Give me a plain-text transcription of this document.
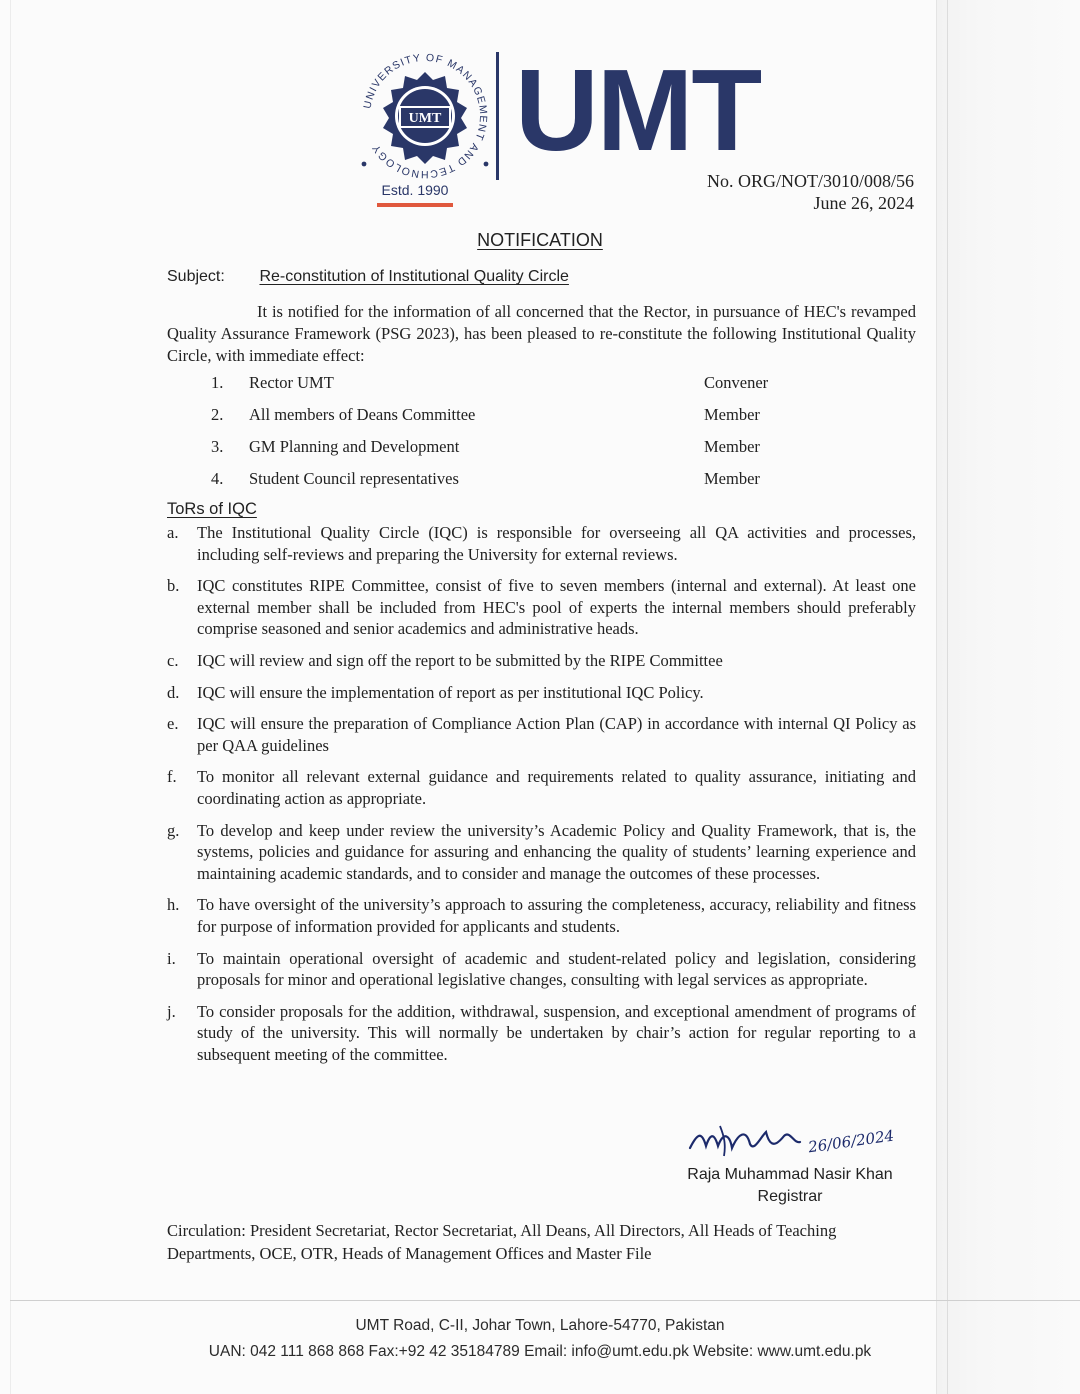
UNIVERSITY OF MANAGEMENT AND TECHNOLOGY
UMT UMT
Estd. 1990	No. ORG/NOT/3010/008/56
June 26, 2024
NOTIFICATION
Subject: Re-constitution of Institutional Quality Circle
It is notified for the information of all concerned that the Rector, in pursuance of HEC's revamped Quality Assurance Framework (PSG 2023), has been pleased to re-constitute the following Institutional Quality Circle, with immediate effect:
1. Rector UMT	Convener
2. All members of Deans Committee	Member
3. GM Planning and Development	Member
4. Student Council representatives	Member
ToRs of IQC
a. The Institutional Quality Circle (IQC) is responsible for overseeing all QA activities and processes, including self-reviews and preparing the University for external reviews.
b. IQC constitutes RIPE Committee, consist of five to seven members (internal and external). At least one external member shall be included from HEC's pool of experts the internal members should preferably comprise seasoned and senior academics and administrative heads.
c. IQC will review and sign off the report to be submitted by the RIPE Committee
d. IQC will ensure the implementation of report as per institutional IQC Policy.
e. IQC will ensure the preparation of Compliance Action Plan (CAP) in accordance with internal QI Policy as per QAA guidelines
f. To monitor all relevant external guidance and requirements related to quality assurance, initiating and coordinating action as appropriate.
g. To develop and keep under review the university’s Academic Policy and Quality Framework, that is, the systems, policies and guidance for assuring and enhancing the quality of students’ learning experience and maintaining academic standards, and to consider and manage the outcomes of these processes.
h. To have oversight of the university’s approach to assuring the completeness, accuracy, reliability and fitness for purpose of information provided for applicants and students.
i. To maintain operational oversight of academic and student-related policy and legislation, considering proposals for minor and operational legislative changes, consulting with legal services as appropriate.
j. To consider proposals for the addition, withdrawal, suspension, and exceptional amendment of programs of study of the university. This will normally be undertaken by chair’s action for regular reporting to a subsequent meeting of the committee.
26/06/2024
Raja Muhammad Nasir Khan
Registrar
Circulation: President Secretariat, Rector Secretariat, All Deans, All Directors, All Heads of Teaching Departments, OCE, OTR, Heads of Management Offices and Master File
UMT Road, C-II, Johar Town, Lahore-54770, Pakistan
UAN: 042 111 868 868 Fax:+92 42 35184789 Email: info@umt.edu.pk Website: www.umt.edu.pk
